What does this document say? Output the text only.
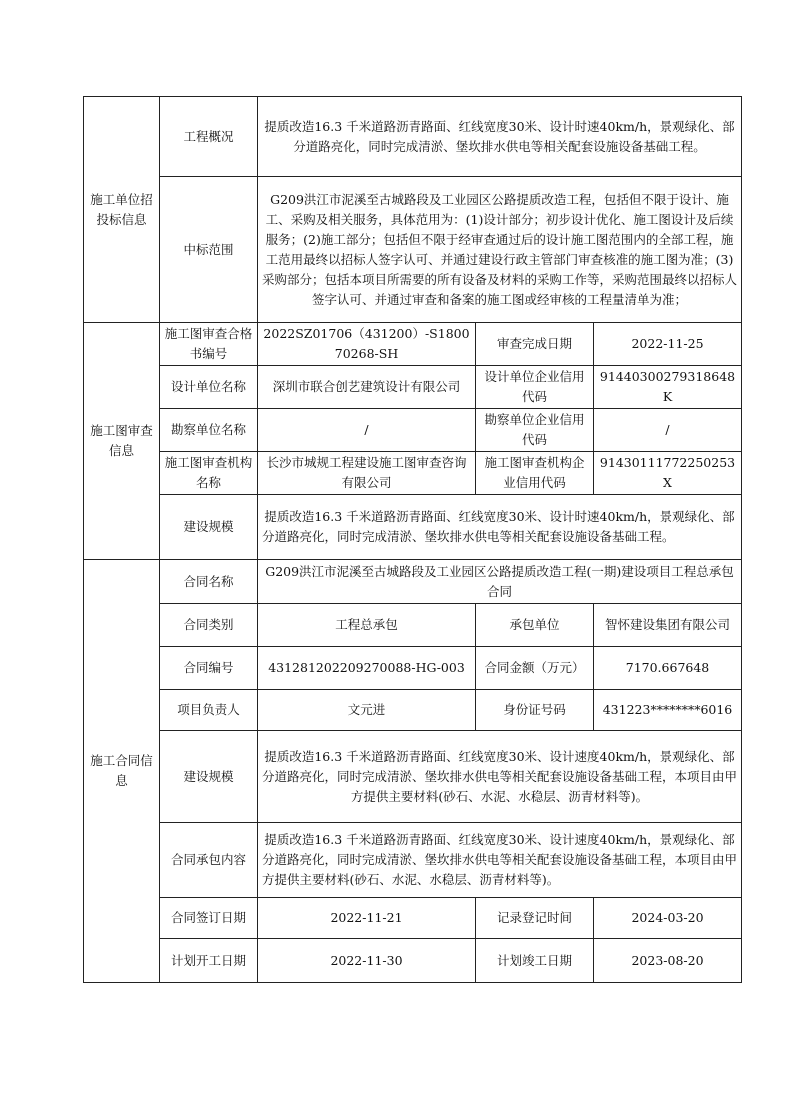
施工单位招投标信息	工程概况	提质改造16.3 千米道路沥青路面、红线宽度30米、设计时速40km/h，景观绿化、部分道路亮化，同时完成清淤、堡坎排水供电等相关配套设施设备基础工程。		
	中标范围	G209洪江市泥溪至古城路段及工业园区公路提质改造工程，包括但不限于设计、施工、采购及相关服务，具体范用为：(1)设计部分；初步设计优化、施工图设计及后续服务；(2)施工部分；包括但不限于经审查通过后的设计施工图范围内的全部工程，施工范用最终以招标人签字认可、并通过建设行政主管部门审查核准的施工图为准；(3)采购部分；包括本项目所需要的所有设备及材料的采购工作等，采购范围最终以招标人签字认可、并通过审查和备案的施工图或经审核的工程量清单为准；		
施工图审查信息	施工图审查合格书编号	2022SZ01706（431200）-S180070268-SH	审查完成日期	2022-11-25
	设计单位名称	深圳市联合创艺建筑设计有限公司	设计单位企业信用代码	91440300279318648K
	勘察单位名称	/	勘察单位企业信用代码	/
	施工图审查机构名称	长沙市城规工程建设施工图审查咨询有限公司	施工图审查机构企业信用代码	91430111772250253X
	建设规模	提质改造16.3 千米道路沥青路面、红线宽度30米、设计时速40km/h，景观绿化、部分道路亮化，同时完成清淤、堡坎排水供电等相关配套设施设备基础工程。		
施工合同信息	合同名称	G209洪江市泥溪至古城路段及工业园区公路提质改造工程(一期)建设项目工程总承包合同		
	合同类别	工程总承包	承包单位	智怀建设集团有限公司
	合同编号	431281202209270088-HG-003	合同金额（万元）	7170.667648
	项目负责人	文元进	身份证号码	431223********6016
	建设规模	提质改造16.3 千米道路沥青路面、红线宽度30米、设计速度40km/h，景观绿化、部分道路亮化，同时完成清淤、堡坎排水供电等相关配套设施设备基础工程，本项目由甲方提供主要材料(砂石、水泥、水稳层、沥青材料等)。		
	合同承包内容	提质改造16.3 千米道路沥青路面、红线宽度30米、设计速度40km/h，景观绿化、部分道路亮化，同时完成清淤、堡坎排水供电等相关配套设施设备基础工程，本项目由甲方提供主要材料(砂石、水泥、水稳层、沥青材料等)。		
	合同签订日期	2022-11-21	记录登记时间	2024-03-20
	计划开工日期	2022-11-30	计划竣工日期	2023-08-20
